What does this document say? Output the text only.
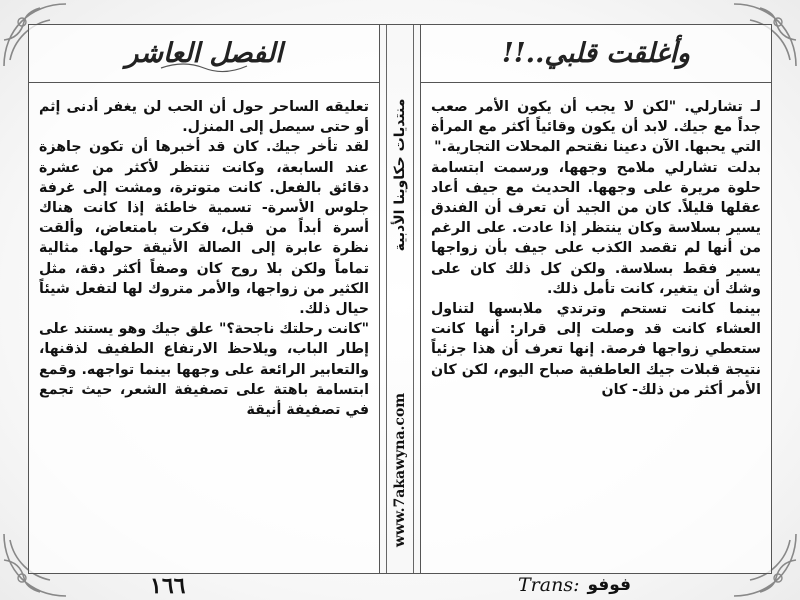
الفصل العاشر

تعليقه الساحر حول أن الحب لن يغفر أدنى إثم أو حتى سيصل إلى المنزل.

لقد تأخر جيك. كان قد أخبرها أن تكون جاهزة عند السابعة، وكانت تنتظر لأكثر من عشرة دقائق بالفعل. كانت متوترة، ومشت إلى غرفة جلوس الأسرة- تسمية خاطئة إذا كانت هناك أسرة أبداً من قبل، فكرت بامتعاض، وألقت نظرة عابرة إلى الصالة الأنيقة حولها. مثالية تماماً ولكن بلا روح كان وصفاً أكثر دقة، مثل الكثير من زواجها، والأمر متروك لها لتفعل شيئاً حيال ذلك.

"كانت رحلتك ناجحة؟" علق جيك وهو يستند على إطار الباب، ويلاحظ الارتفاع الطفيف لذقنها، والتعابير الرائعة على وجهها بينما تواجهه. وقمع ابتسامة باهتة على تصفيفة الشعر، حيث تجمع في تصفيفة أنيقة

منتديات حكاوينا الأدبية
www.7akawyna.com
وأغلقت قلبي..!!

لـ تشارلي. "لكن لا يجب أن يكون الأمر صعب جداً مع جيك. لابد أن يكون وقائياً أكثر مع المرأة التي يحبها. الآن دعينا نقتحم المحلات التجارية."

بدلت تشارلي ملامح وجهها، ورسمت ابتسامة حلوة مريرة على وجهها. الحديث مع جيف أعاد عقلها قليلاً. كان من الجيد أن تعرف أن الفندق يسير بسلاسة وكان ينتظر إذا عادت. على الرغم من أنها لم تقصد الكذب على جيف بأن زواجها يسير فقط بسلاسة. ولكن كل ذلك كان على وشك أن يتغير، كانت تأمل ذلك.

بينما كانت تستحم وترتدي ملابسها لتناول العشاء كانت قد وصلت إلى قرار: أنها كانت ستعطي زواجها فرصة. إنها تعرف أن هذا جزئياً نتيجة قبلات جيك العاطفية صباح اليوم، لكن كان الأمر أكثر من ذلك- كان

١٦٦	Trans: فوفو
